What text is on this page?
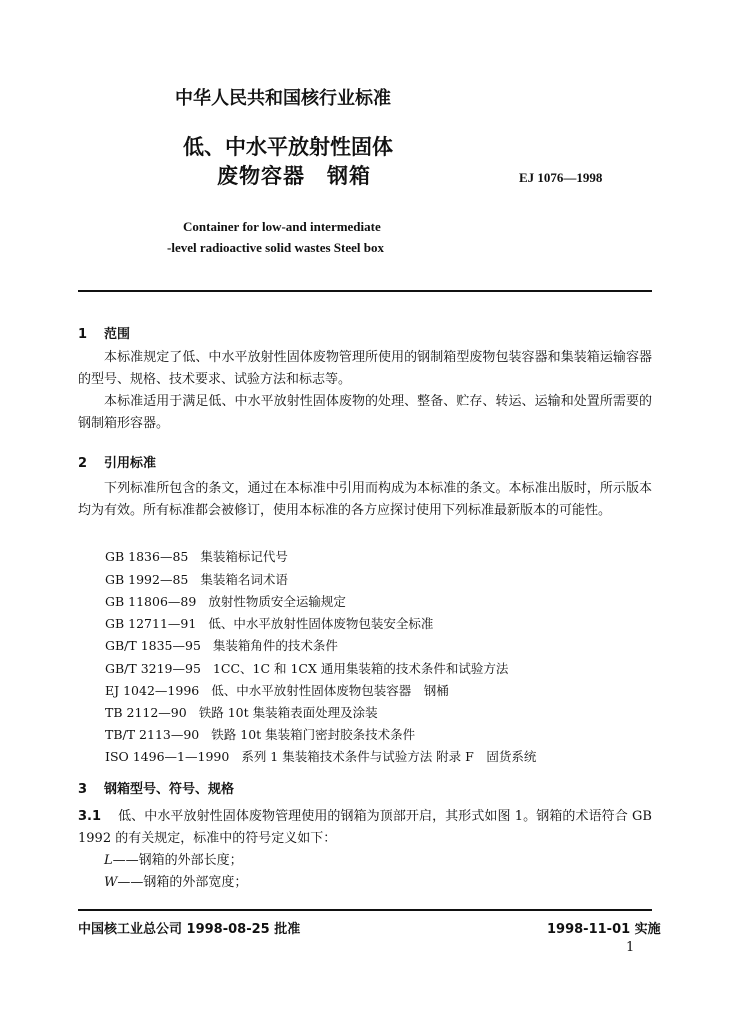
中华人民共和国核行业标准
低、中水平放射性固体
废物容器　钢箱	EJ 1076—1998
Container for low-and intermediate
-level radioactive solid wastes Steel box
1 范围
本标准规定了低、中水平放射性固体废物管理所使用的钢制箱型废物包装容器和集装箱运输容器的型号、规格、技术要求、试验方法和标志等。
本标准适用于满足低、中水平放射性固体废物的处理、整备、贮存、转运、运输和处置所需要的钢制箱形容器。
2 引用标准
下列标准所包含的条文，通过在本标准中引用而构成为本标准的条文。本标准出版时，所示版本均为有效。所有标准都会被修订，使用本标准的各方应探讨使用下列标准最新版本的可能性。
GB 1836—85 集装箱标记代号
GB 1992—85 集装箱名词术语
GB 11806—89 放射性物质安全运输规定
GB 12711—91 低、中水平放射性固体废物包装安全标准
GB/T 1835—95 集装箱角件的技术条件
GB/T 3219—95 1CC、1C 和 1CX 通用集装箱的技术条件和试验方法
EJ 1042—1996 低、中水平放射性固体废物包装容器　钢桶
TB 2112—90 铁路 10t 集装箱表面处理及涂装
TB/T 2113—90 铁路 10t 集装箱门密封胶条技术条件
ISO 1496—1—1990 系列 1 集装箱技术条件与试验方法 附录 F　固货系统
3 钢箱型号、符号、规格
3.1 低、中水平放射性固体废物管理使用的钢箱为顶部开启，其形式如图 1。钢箱的术语符合 GB 1992 的有关规定，标准中的符号定义如下：
L——钢箱的外部长度；
W——钢箱的外部宽度；
中国核工业总公司 1998-08-25 批准	1998-11-01 实施
1
